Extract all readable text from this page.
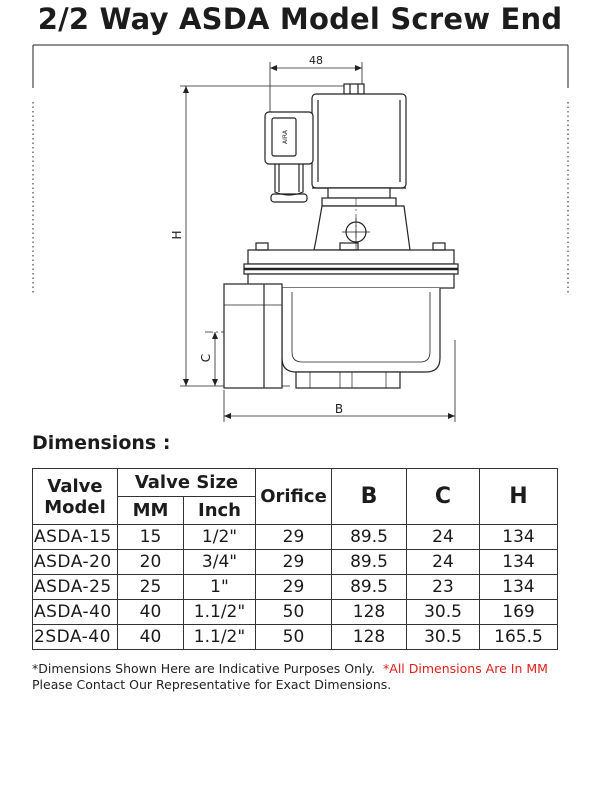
2/2 Way ASDA Model Screw End
AIRA
48
H
C
B
Dimensions :
Valve
Model	Valve Size		Orifice	B	C	H
	MM	Inch				
ASDA-15	15	1/2"	29	89.5	24	134
ASDA-20	20	3/4"	29	89.5	24	134
ASDA-25	25	1"	29	89.5	23	134
ASDA-40	40	1.1/2"	50	128	30.5	169
2SDA-40	40	1.1/2"	50	128	30.5	165.5
*Dimensions Shown Here are Indicative Purposes Only. *All Dimensions Are In MM
Please Contact Our Representative for Exact Dimensions.
